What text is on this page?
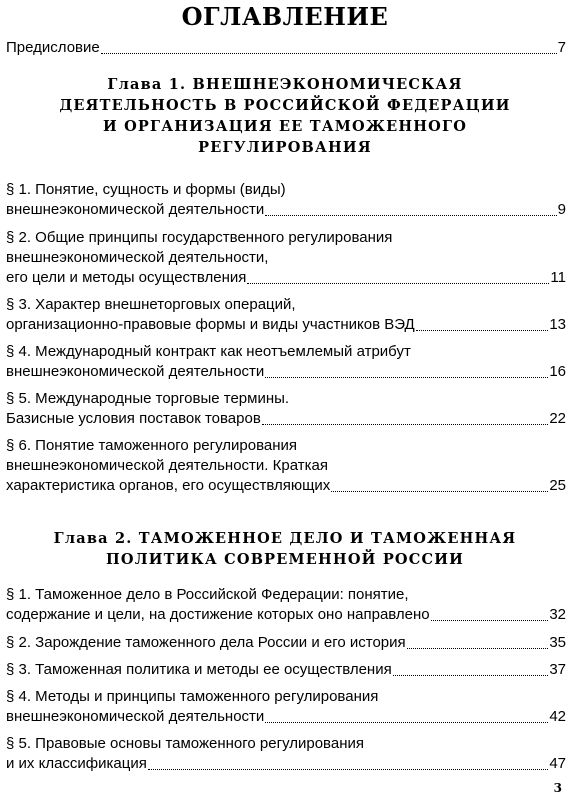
ОГЛАВЛЕНИЕ
Предисловие	7
Глава 1. ВНЕШНЕЭКОНОМИЧЕСКАЯ
ДЕЯТЕЛЬНОСТЬ В РОССИЙСКОЙ ФЕДЕРАЦИИ
И ОРГАНИЗАЦИЯ ЕЕ ТАМОЖЕННОГО
РЕГУЛИРОВАНИЯ
§ 1. Понятие, сущность и формы (виды)
внешнеэкономической деятельности	9
§ 2. Общие принципы государственного регулирования
внешнеэкономической деятельности,
его цели и методы осуществления	11
§ 3. Характер внешнеторговых операций,
организационно-правовые формы и виды участников ВЭД	13
§ 4. Международный контракт как неотъемлемый атрибут
внешнеэкономической деятельности	16
§ 5. Международные торговые термины.
Базисные условия поставок товаров	22
§ 6. Понятие таможенного регулирования
внешнеэкономической деятельности. Краткая
характеристика органов, его осуществляющих	25
Глава 2. ТАМОЖЕННОЕ ДЕЛО И ТАМОЖЕННАЯ
ПОЛИТИКА СОВРЕМЕННОЙ РОССИИ
§ 1. Таможенное дело в Российской Федерации: понятие,
содержание и цели, на достижение которых оно направлено	32
§ 2. Зарождение таможенного дела России и его история	35
§ 3. Таможенная политика и методы ее осуществления	37
§ 4. Методы и принципы таможенного регулирования
внешнеэкономической деятельности	42
§ 5. Правовые основы таможенного регулирования
и их классификация	47
3
